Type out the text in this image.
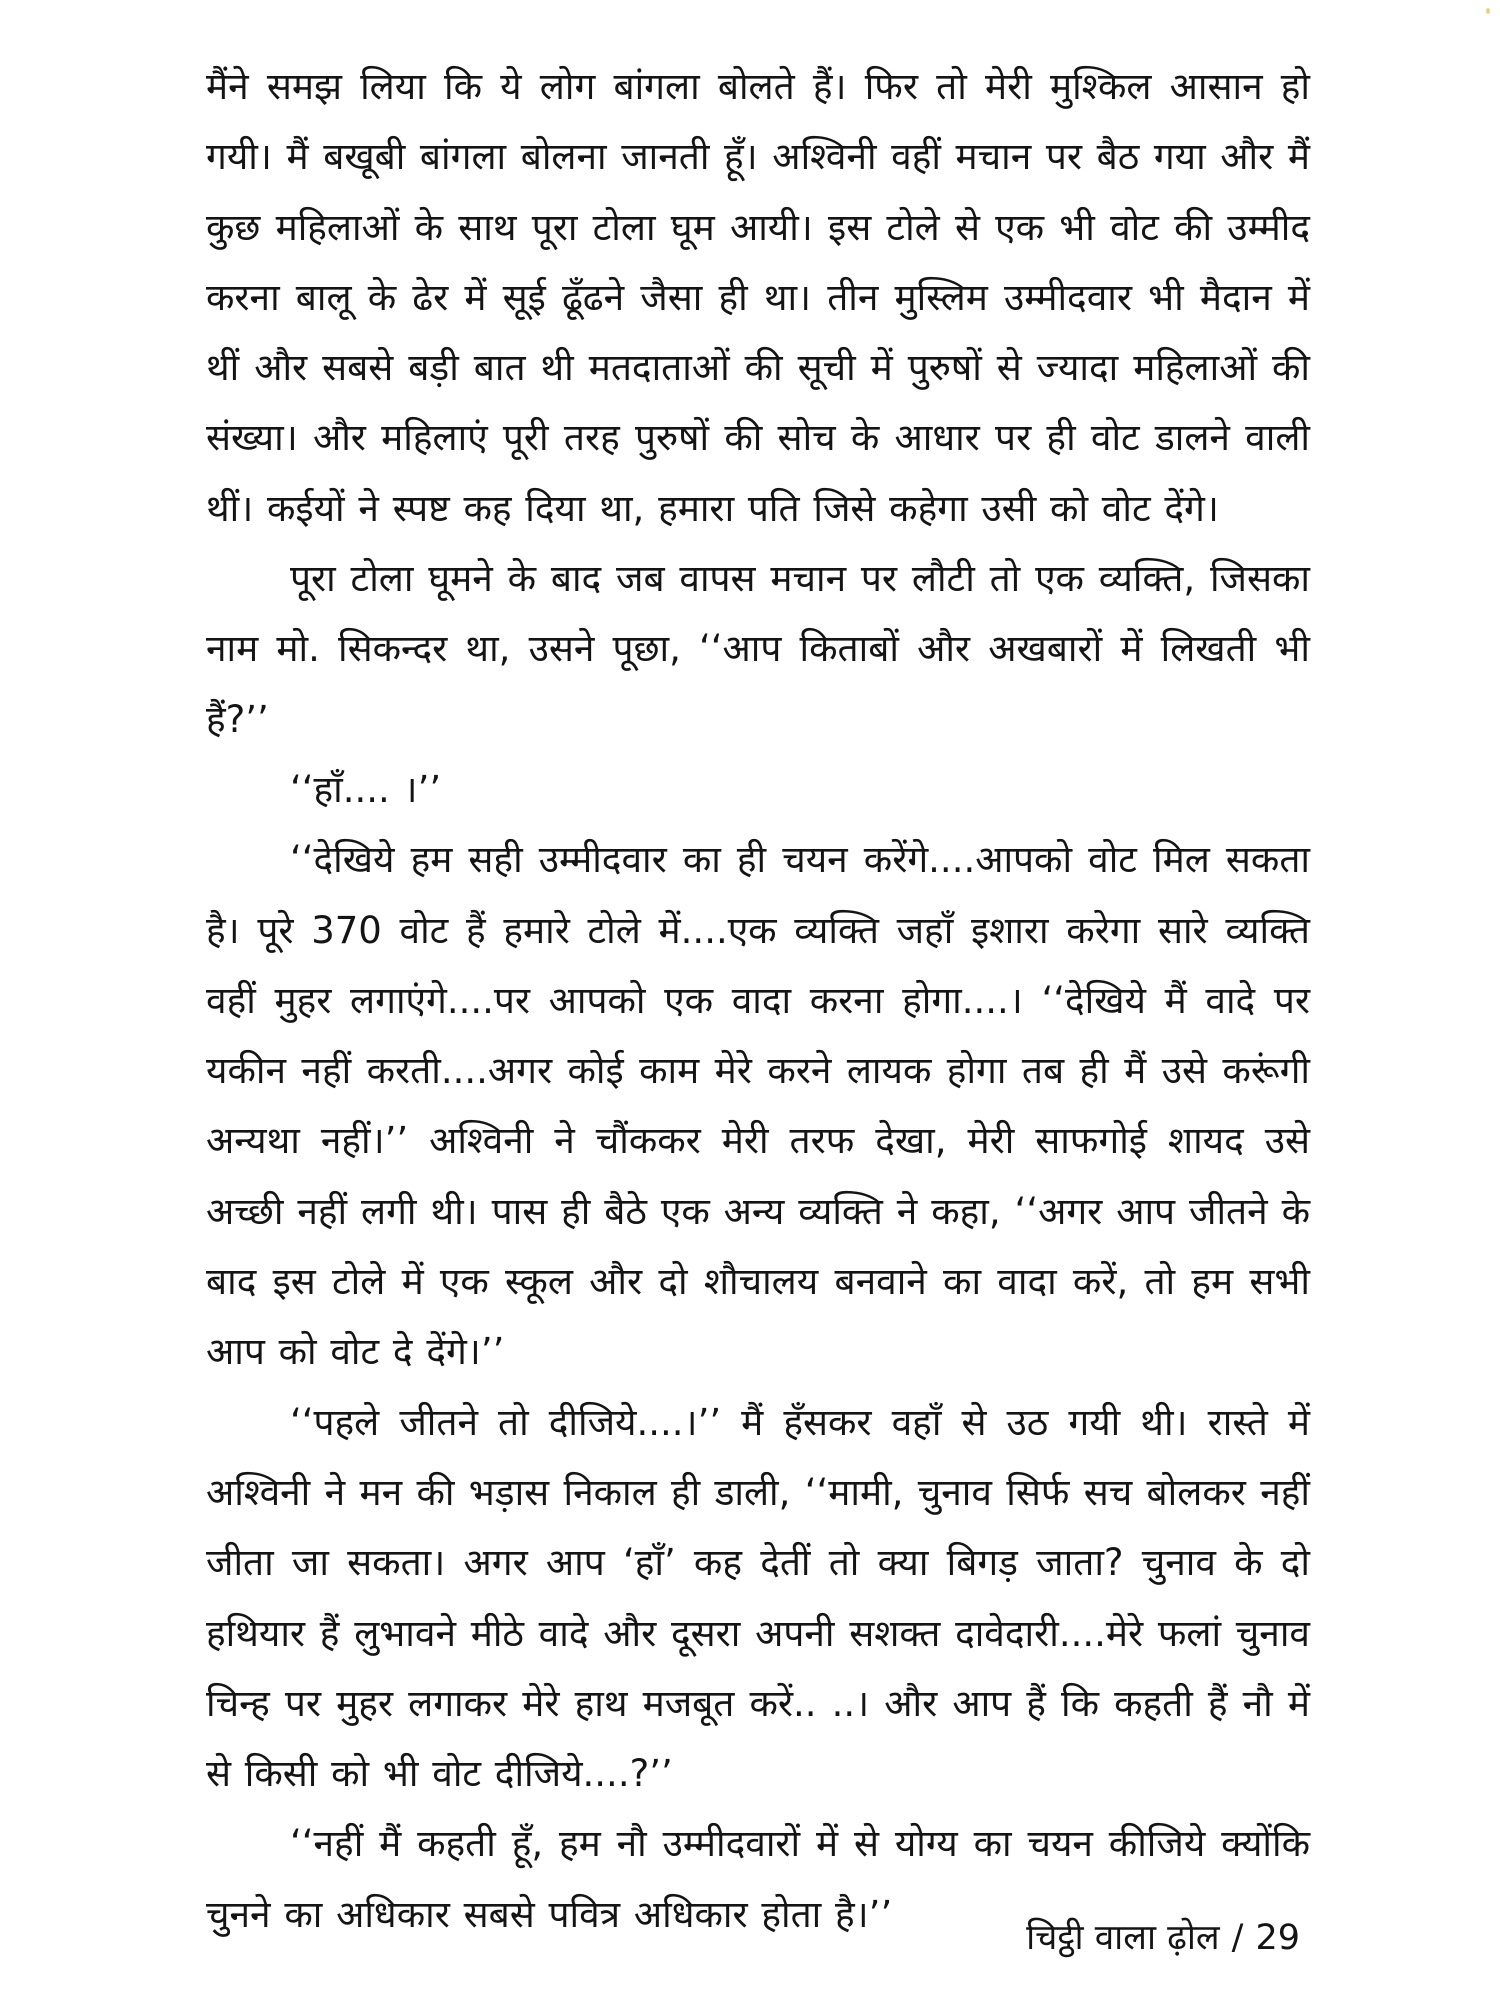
मैंने समझ लिया कि ये लोग बांगला बोलते हैं। फिर तो मेरी मुश्किल आसान हो गयी। मैं बखूबी बांगला बोलना जानती हूँ। अश्विनी वहीं मचान पर बैठ गया और मैं कुछ महिलाओं के साथ पूरा टोला घूम आयी। इस टोले से एक भी वोट की उम्मीद करना बालू के ढेर में सूई ढूँढने जैसा ही था। तीन मुस्लिम उम्मीदवार भी मैदान में थीं और सबसे बड़ी बात थी मतदाताओं की सूची में पुरुषों से ज्यादा महिलाओं की संख्या। और महिलाएं पूरी तरह पुरुषों की सोच के आधार पर ही वोट डालने वाली थीं। कईयों ने स्पष्ट कह दिया था, हमारा पति जिसे कहेगा उसी को वोट देंगे।

पूरा टोला घूमने के बाद जब वापस मचान पर लौटी तो एक व्यक्ति, जिसका नाम मो. सिकन्दर था, उसने पूछा, ‘‘आप किताबों और अखबारों में लिखती भी हैं?’’

‘‘हाँ.... ।’’

‘‘देखिये हम सही उम्मीदवार का ही चयन करेंगे....आपको वोट मिल सकता है। पूरे 370 वोट हैं हमारे टोले में....एक व्यक्ति जहाँ इशारा करेगा सारे व्यक्ति वहीं मुहर लगाएंगे....पर आपको एक वादा करना होगा....। ‘‘देखिये मैं वादे पर यकीन नहीं करती....अगर कोई काम मेरे करने लायक होगा तब ही मैं उसे करूंगी अन्यथा नहीं।’’ अश्विनी ने चौंककर मेरी तरफ देखा, मेरी साफगोई शायद उसे अच्छी नहीं लगी थी। पास ही बैठे एक अन्य व्यक्ति ने कहा, ‘‘अगर आप जीतने के बाद इस टोले में एक स्कूल और दो शौचालय बनवाने का वादा करें, तो हम सभी आप को वोट दे देंगे।’’

‘‘पहले जीतने तो दीजिये....।’’ मैं हँसकर वहाँ से उठ गयी थी। रास्ते में अश्विनी ने मन की भड़ास निकाल ही डाली, ‘‘मामी, चुनाव सिर्फ सच बोलकर नहीं जीता जा सकता। अगर आप ‘हाँ’ कह देतीं तो क्या बिगड़ जाता? चुनाव के दो हथियार हैं लुभावने मीठे वादे और दूसरा अपनी सशक्त दावेदारी....मेरे फलां चुनाव चिन्ह पर मुहर लगाकर मेरे हाथ मजबूत करें.. ..। और आप हैं कि कहती हैं नौ में से किसी को भी वोट दीजिये....?’’

‘‘नहीं मैं कहती हूँ, हम नौ उम्मीदवारों में से योग्य का चयन कीजिये क्योंकि चुनने का अधिकार सबसे पवित्र अधिकार होता है।’’

चिट्ठी वाला ढ़ोल / 29
